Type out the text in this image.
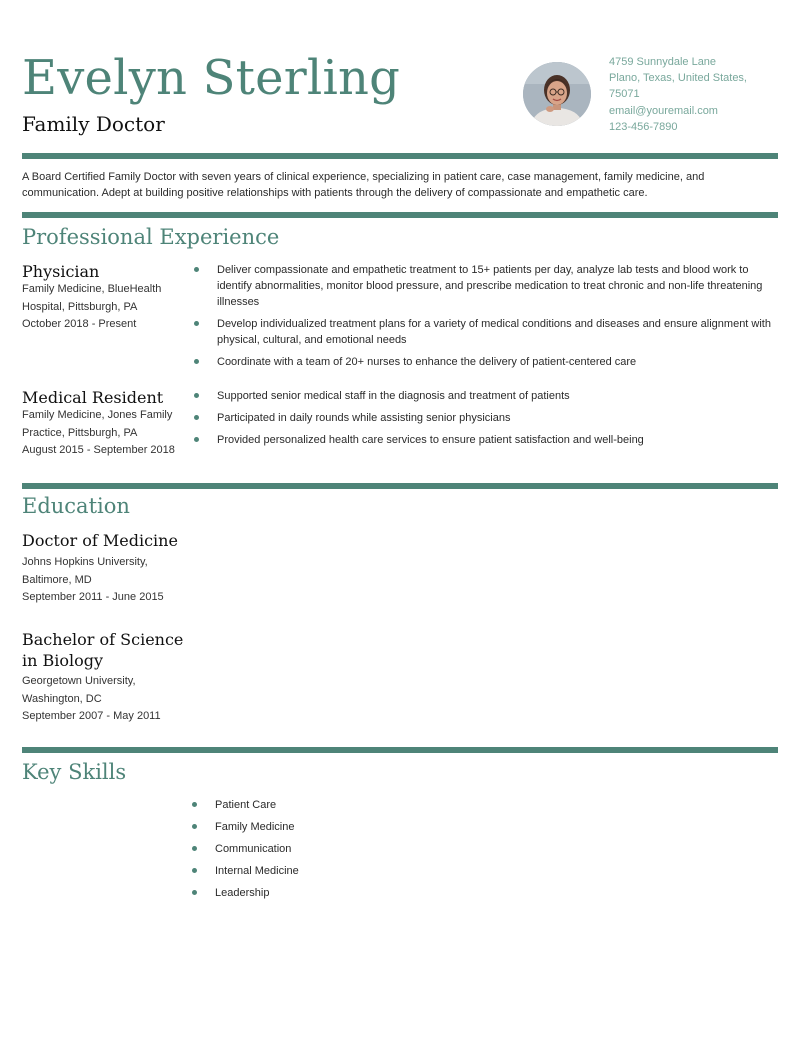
Evelyn Sterling
Family Doctor
4759 Sunnydale Lane
Plano, Texas, United States,
75071
email@youremail.com
123-456-7890
A Board Certified Family Doctor with seven years of clinical experience, specializing in patient care, case management, family medicine, and communication. Adept at building positive relationships with patients through the delivery of compassionate and empathetic care.
Professional Experience
Physician
Family Medicine, BlueHealth Hospital, Pittsburgh, PA
October 2018 - Present
Deliver compassionate and empathetic treatment to 15+ patients per day, analyze lab tests and blood work to identify abnormalities, monitor blood pressure, and prescribe medication to treat chronic and non-life threatening illnesses
Develop individualized treatment plans for a variety of medical conditions and diseases and ensure alignment with physical, cultural, and emotional needs
Coordinate with a team of 20+ nurses to enhance the delivery of patient-centered care
Medical Resident
Family Medicine, Jones Family Practice, Pittsburgh, PA
August 2015 - September 2018
Supported senior medical staff in the diagnosis and treatment of patients
Participated in daily rounds while assisting senior physicians
Provided personalized health care services to ensure patient satisfaction and well-being
Education
Doctor of Medicine
Johns Hopkins University, Baltimore, MD
September 2011 - June 2015
Bachelor of Science in Biology
Georgetown University, Washington, DC
September 2007 - May 2011
Key Skills
Patient Care
Family Medicine
Communication
Internal Medicine
Leadership
